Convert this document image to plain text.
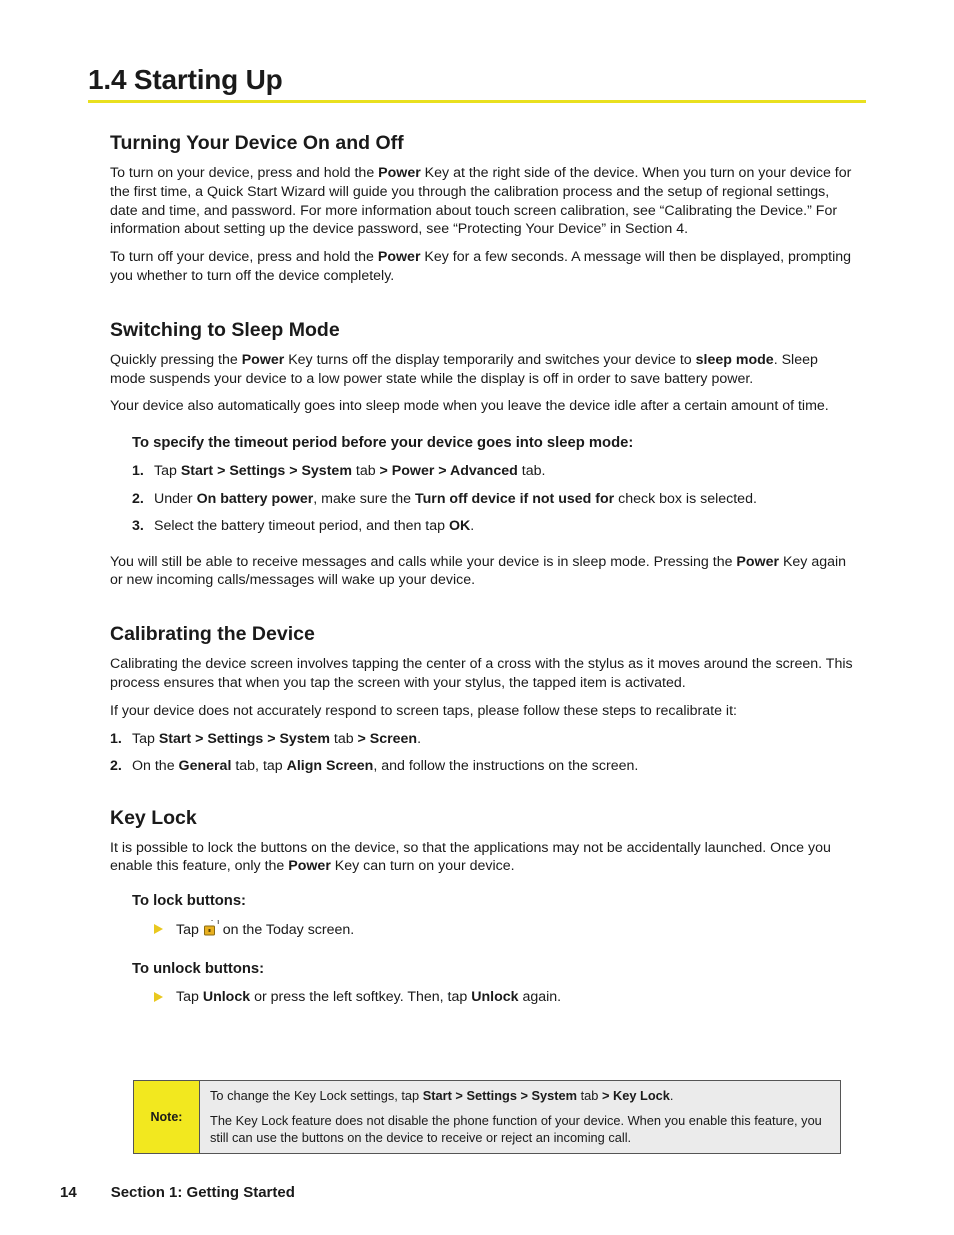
1.4 Starting Up
Turning Your Device On and Off

To turn on your device, press and hold the Power Key at the right side of the device. When you turn on your device for the first time, a Quick Start Wizard will guide you through the calibration process and the setup of regional settings, date and time, and password. For more information about touch screen calibration, see “Calibrating the Device.” For information about setting up the device password, see “Protecting Your Device” in Section 4.

To turn off your device, press and hold the Power Key for a few seconds. A message will then be displayed, prompting you whether to turn off the device completely.

Switching to Sleep Mode

Quickly pressing the Power Key turns off the display temporarily and switches your device to sleep mode. Sleep mode suspends your device to a low power state while the display is off in order to save battery power.

Your device also automatically goes into sleep mode when you leave the device idle after a certain amount of time.

To specify the timeout period before your device goes into sleep mode:
1. Tap Start > Settings > System tab > Power > Advanced tab.
2. Under On battery power, make sure the Turn off device if not used for check box is selected.
3. Select the battery timeout period, and then tap OK.

You will still be able to receive messages and calls while your device is in sleep mode. Pressing the Power Key again or new incoming calls/messages will wake up your device.

Calibrating the Device

Calibrating the device screen involves tapping the center of a cross with the stylus as it moves around the screen. This process ensures that when you tap the screen with your stylus, the tapped item is activated.

If your device does not accurately respond to screen taps, please follow these steps to recalibrate it:

1. Tap Start > Settings > System tab > Screen.
2. On the General tab, tap Align Screen, and follow the instructions on the screen.
Key Lock

It is possible to lock the buttons on the device, so that the applications may not be accidentally launched. Once you enable this feature, only the Power Key can turn on your device.

To lock buttons:
Tap  on the Today screen.
To unlock buttons:
Tap Unlock or press the left softkey. Then, tap Unlock again.
Note:
To change the Key Lock settings, tap Start > Settings > System tab > Key Lock.
The Key Lock feature does not disable the phone function of your device. When you enable this feature, you still can use the buttons on the device to receive or reject an incoming call.
14 Section 1: Getting Started
